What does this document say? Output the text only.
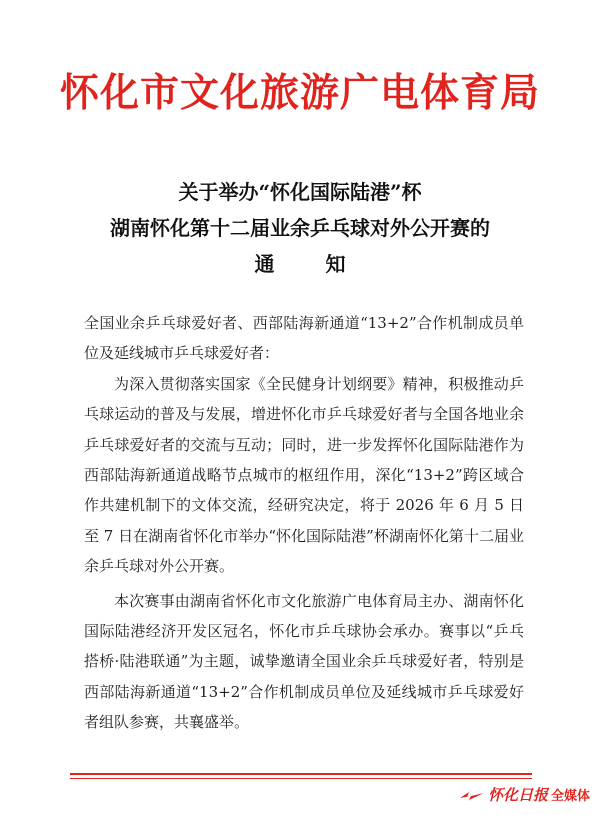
怀化市文化旅游广电体育局
关于举办“怀化国际陆港”杯
湖南怀化第十二届业余乒乓球对外公开赛的
通 知

全国业余乒乓球爱好者、西部陆海新通道“13+2”合作机制成员单位及延线城市乒乓球爱好者：

为深入贯彻落实国家《全民健身计划纲要》精神，积极推动乒乓球运动的普及与发展，增进怀化市乒乓球爱好者与全国各地业余乒乓球爱好者的交流与互动；同时，进一步发挥怀化国际陆港作为西部陆海新通道战略节点城市的枢纽作用，深化“13+2”跨区域合作共建机制下的文体交流，经研究决定，将于 2026 年 6 月 5 日至 7 日在湖南省怀化市举办“怀化国际陆港”杯湖南怀化第十二届业余乒乓球对外公开赛。

本次赛事由湖南省怀化市文化旅游广电体育局主办、湖南怀化国际陆港经济开发区冠名，怀化市乒乓球协会承办。赛事以“乒乓搭桥·陆港联通”为主题，诚挚邀请全国业余乒乓球爱好者，特别是西部陆海新通道“13+2”合作机制成员单位及延线城市乒乓球爱好者组队参赛，共襄盛举。

怀化日报 全媒体
